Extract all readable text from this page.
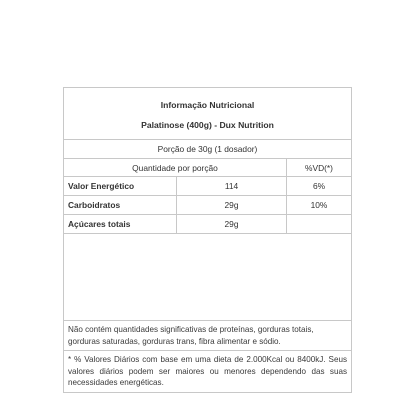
Informação Nutricional
Palatinose (400g) - Dux Nutrition
Porção de 30g (1 dosador)
Quantidade por porção	%VD(*)
Valor Energético	114	6%
Carboidratos	29g	10%
Açúcares totais	29g
Não contém quantidades significativas de proteínas, gorduras totais, gorduras saturadas, gorduras trans, fibra alimentar e sódio.
* % Valores Diários com base em uma dieta de 2.000Kcal ou 8400kJ. Seus valores diários podem ser maiores ou menores dependendo das suas necessidades energéticas.
